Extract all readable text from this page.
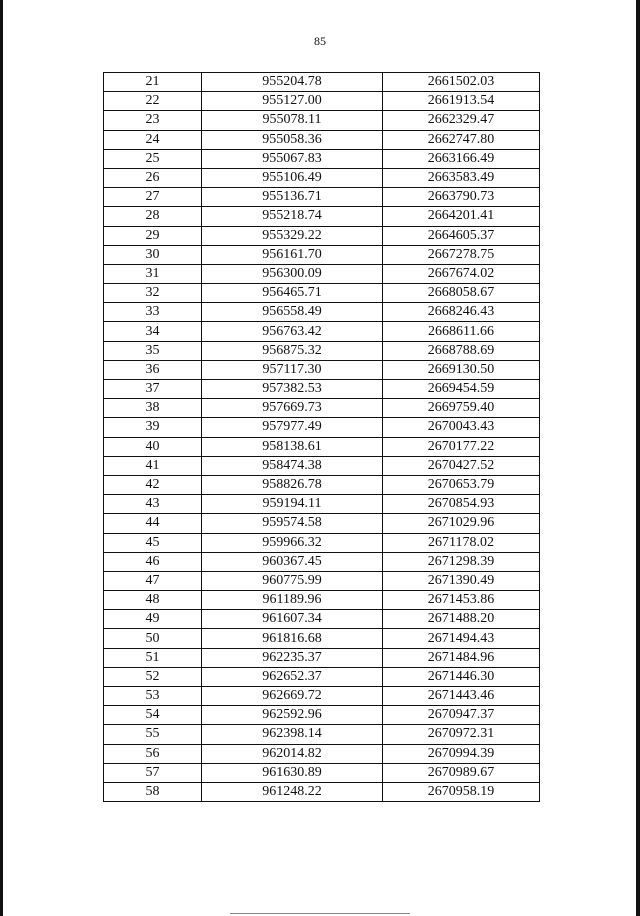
85
21	955204.78	2661502.03
22	955127.00	2661913.54
23	955078.11	2662329.47
24	955058.36	2662747.80
25	955067.83	2663166.49
26	955106.49	2663583.49
27	955136.71	2663790.73
28	955218.74	2664201.41
29	955329.22	2664605.37
30	956161.70	2667278.75
31	956300.09	2667674.02
32	956465.71	2668058.67
33	956558.49	2668246.43
34	956763.42	2668611.66
35	956875.32	2668788.69
36	957117.30	2669130.50
37	957382.53	2669454.59
38	957669.73	2669759.40
39	957977.49	2670043.43
40	958138.61	2670177.22
41	958474.38	2670427.52
42	958826.78	2670653.79
43	959194.11	2670854.93
44	959574.58	2671029.96
45	959966.32	2671178.02
46	960367.45	2671298.39
47	960775.99	2671390.49
48	961189.96	2671453.86
49	961607.34	2671488.20
50	961816.68	2671494.43
51	962235.37	2671484.96
52	962652.37	2671446.30
53	962669.72	2671443.46
54	962592.96	2670947.37
55	962398.14	2670972.31
56	962014.82	2670994.39
57	961630.89	2670989.67
58	961248.22	2670958.19
